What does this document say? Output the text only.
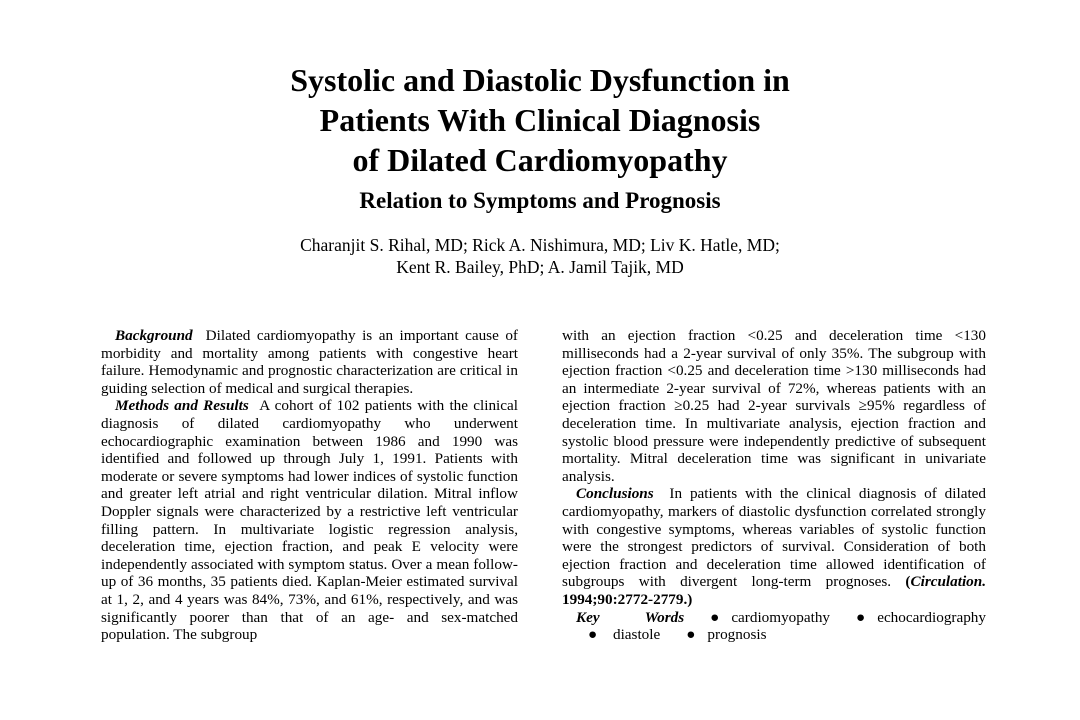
Systolic and Diastolic Dysfunction in
Patients With Clinical Diagnosis
of Dilated Cardiomyopathy
Relation to Symptoms and Prognosis
Charanjit S. Rihal, MD; Rick A. Nishimura, MD; Liv K. Hatle, MD;
Kent R. Bailey, PhD; A. Jamil Tajik, MD

Background Dilated cardiomyopathy is an important cause of morbidity and mortality among patients with congestive heart failure. Hemodynamic and prognostic characterization are critical in guiding selection of medical and surgical therapies.

Methods and Results A cohort of 102 patients with the clinical diagnosis of dilated cardiomyopathy who underwent echocardiographic examination between 1986 and 1990 was identified and followed up through July 1, 1991. Patients with moderate or severe symptoms had lower indices of systolic function and greater left atrial and right ventricular dilation. Mitral inflow Doppler signals were characterized by a restrictive left ventricular filling pattern. In multivariate logistic regression analysis, deceleration time, ejection fraction, and peak E velocity were independently associated with symptom status. Over a mean follow-up of 36 months, 35 patients died. Kaplan-Meier estimated survival at 1, 2, and 4 years was 84%, 73%, and 61%, respectively, and was significantly poorer than that of an age- and sex-matched population. The subgroup

with an ejection fraction <0.25 and deceleration time <130 milliseconds had a 2-year survival of only 35%. The subgroup with ejection fraction <0.25 and deceleration time >130 milliseconds had an intermediate 2-year survival of 72%, whereas patients with an ejection fraction ≥0.25 had 2-year survivals ≥95% regardless of deceleration time. In multivariate analysis, ejection fraction and systolic blood pressure were independently predictive of subsequent mortality. Mitral deceleration time was significant in univariate analysis.

Conclusions In patients with the clinical diagnosis of dilated cardiomyopathy, markers of diastolic dysfunction correlated strongly with congestive symptoms, whereas variables of systolic function were the strongest predictors of survival. Consideration of both ejection fraction and deceleration time allowed identification of subgroups with divergent long-term prognoses. (Circulation. 1994;90:2772-2779.)

Key Words ● cardiomyopathy ● echocardiography● diastole ● prognosis
